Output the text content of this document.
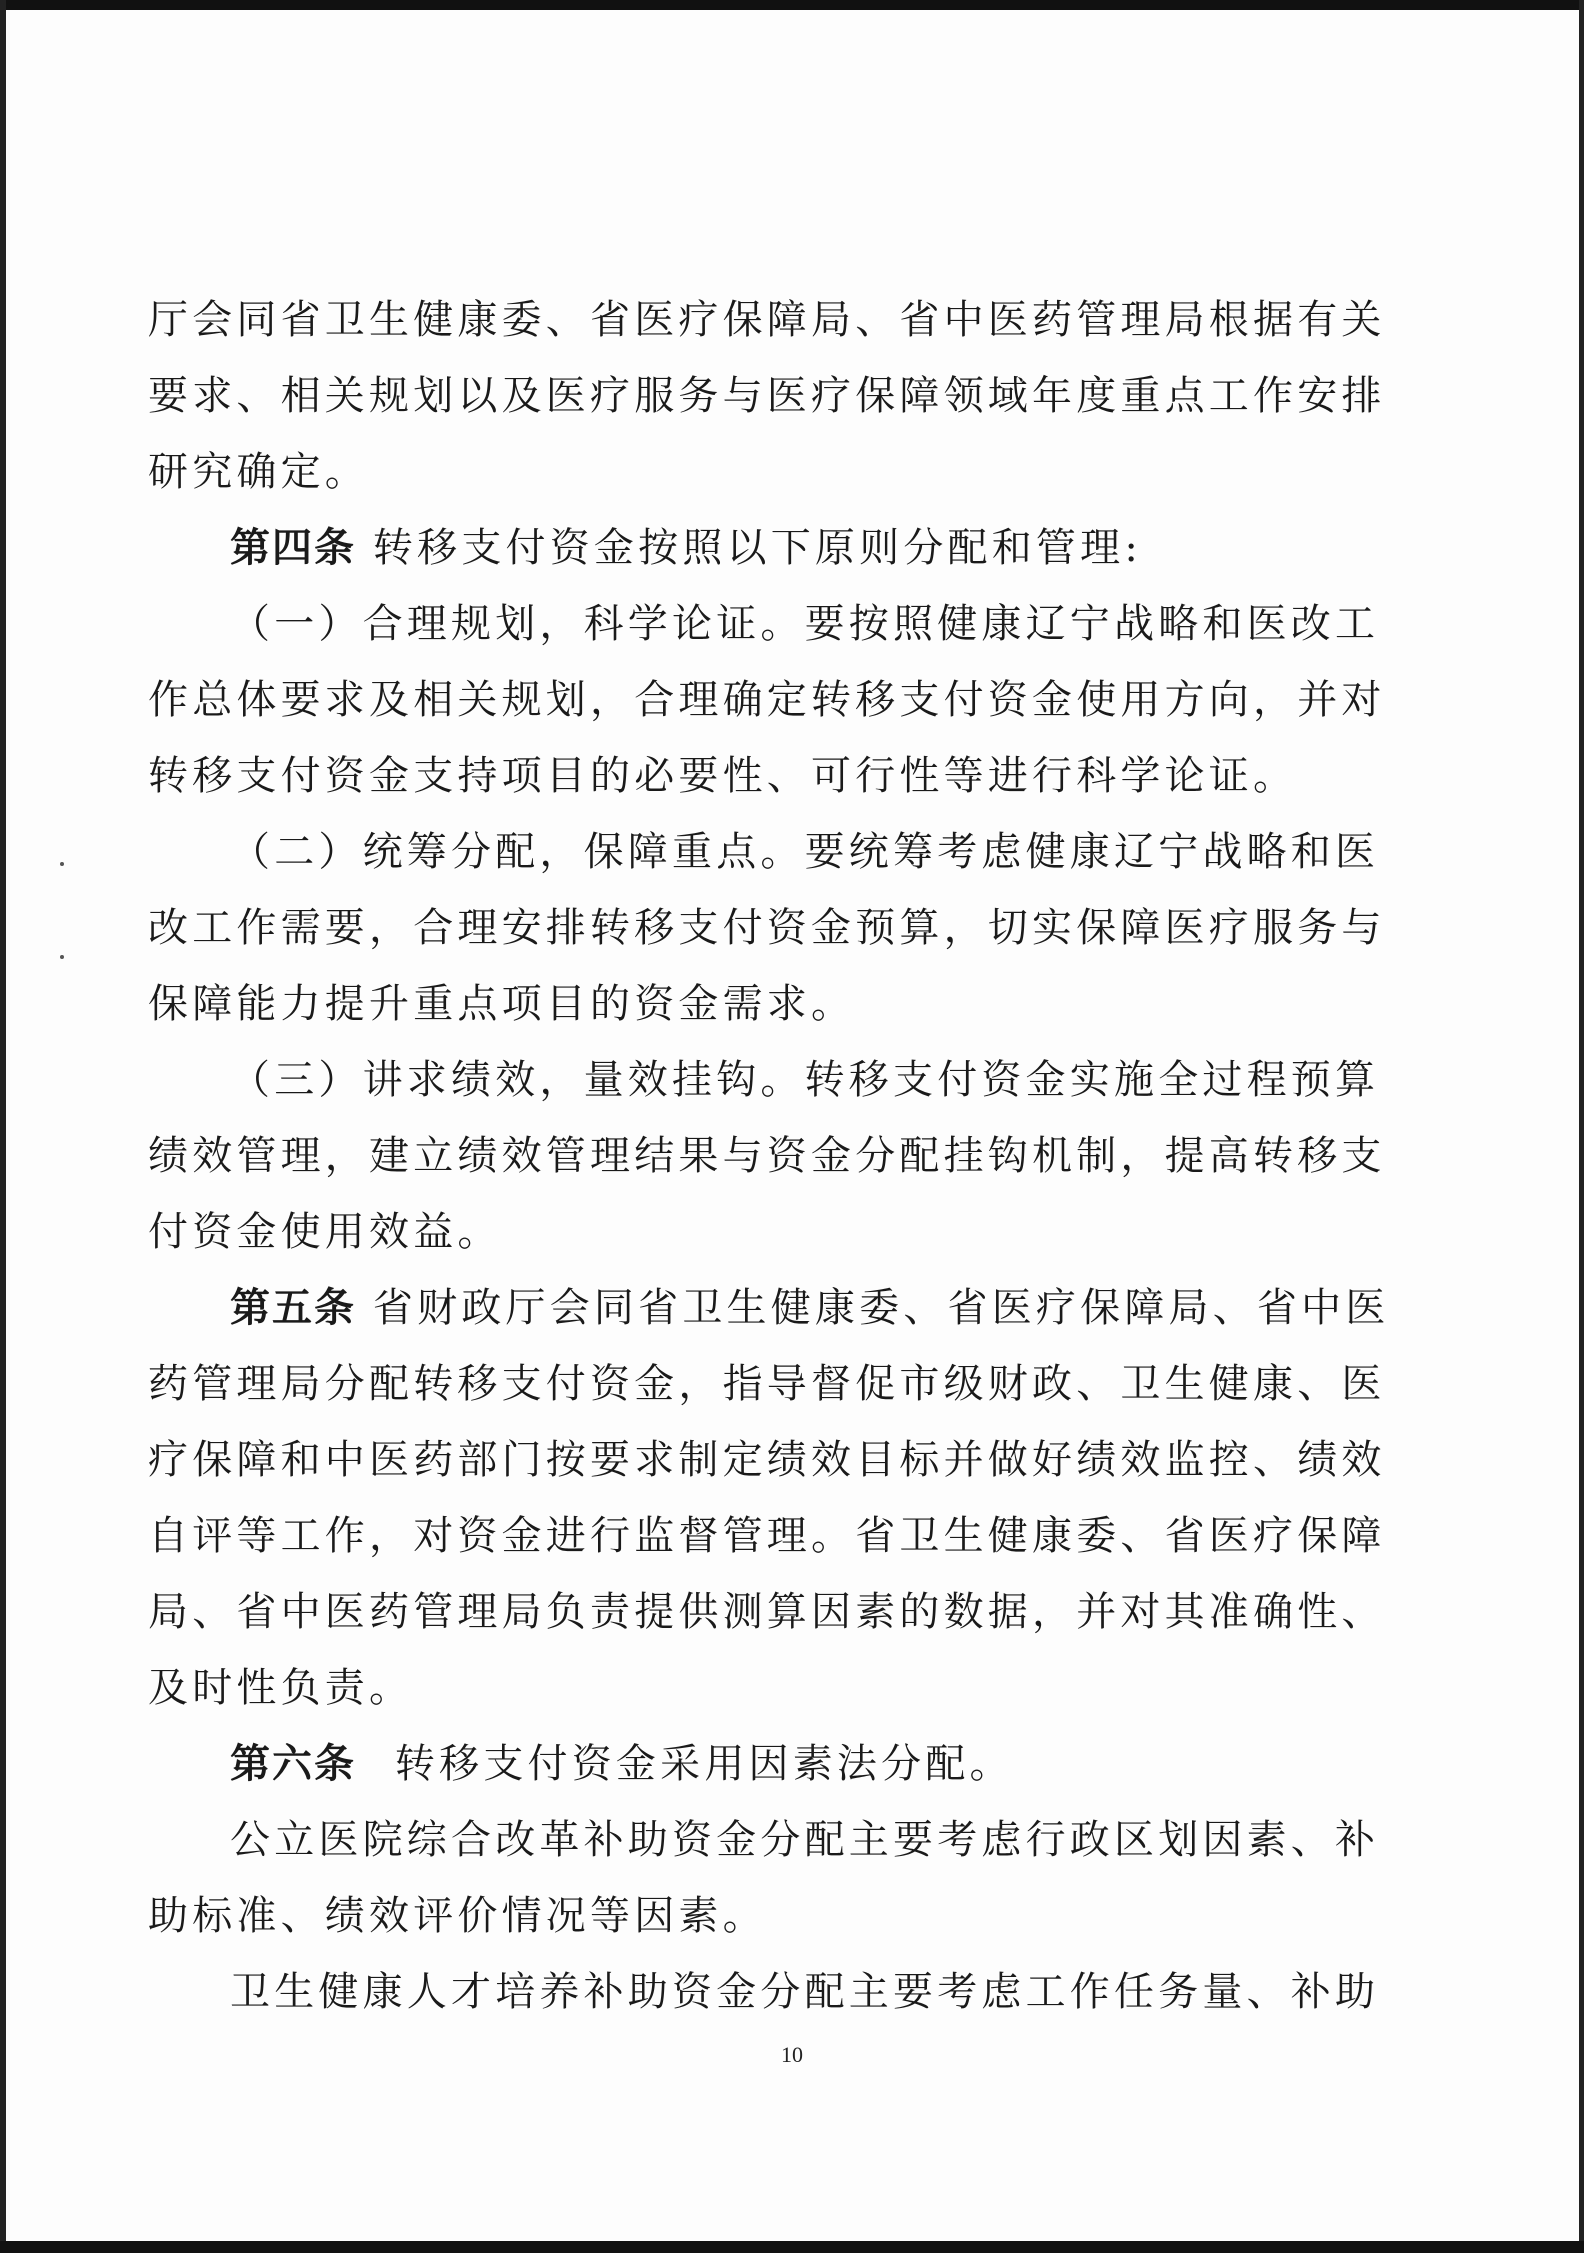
厅会同省卫生健康委、省医疗保障局、省中医药管理局根据有关
要求、相关规划以及医疗服务与医疗保障领域年度重点工作安排
研究确定。
第四条 转移支付资金按照以下原则分配和管理:
（一）合理规划，科学论证。要按照健康辽宁战略和医改工
作总体要求及相关规划，合理确定转移支付资金使用方向，并对
转移支付资金支持项目的必要性、可行性等进行科学论证。
（二）统筹分配，保障重点。要统筹考虑健康辽宁战略和医
改工作需要，合理安排转移支付资金预算，切实保障医疗服务与
保障能力提升重点项目的资金需求。
（三）讲求绩效，量效挂钩。转移支付资金实施全过程预算
绩效管理，建立绩效管理结果与资金分配挂钩机制，提高转移支
付资金使用效益。
第五条 省财政厅会同省卫生健康委、省医疗保障局、省中医
药管理局分配转移支付资金，指导督促市级财政、卫生健康、医
疗保障和中医药部门按要求制定绩效目标并做好绩效监控、绩效
自评等工作，对资金进行监督管理。省卫生健康委、省医疗保障
局、省中医药管理局负责提供测算因素的数据，并对其准确性、
及时性负责。
第六条 转移支付资金采用因素法分配。
公立医院综合改革补助资金分配主要考虑行政区划因素、补
助标准、绩效评价情况等因素。
卫生健康人才培养补助资金分配主要考虑工作任务量、补助
10
